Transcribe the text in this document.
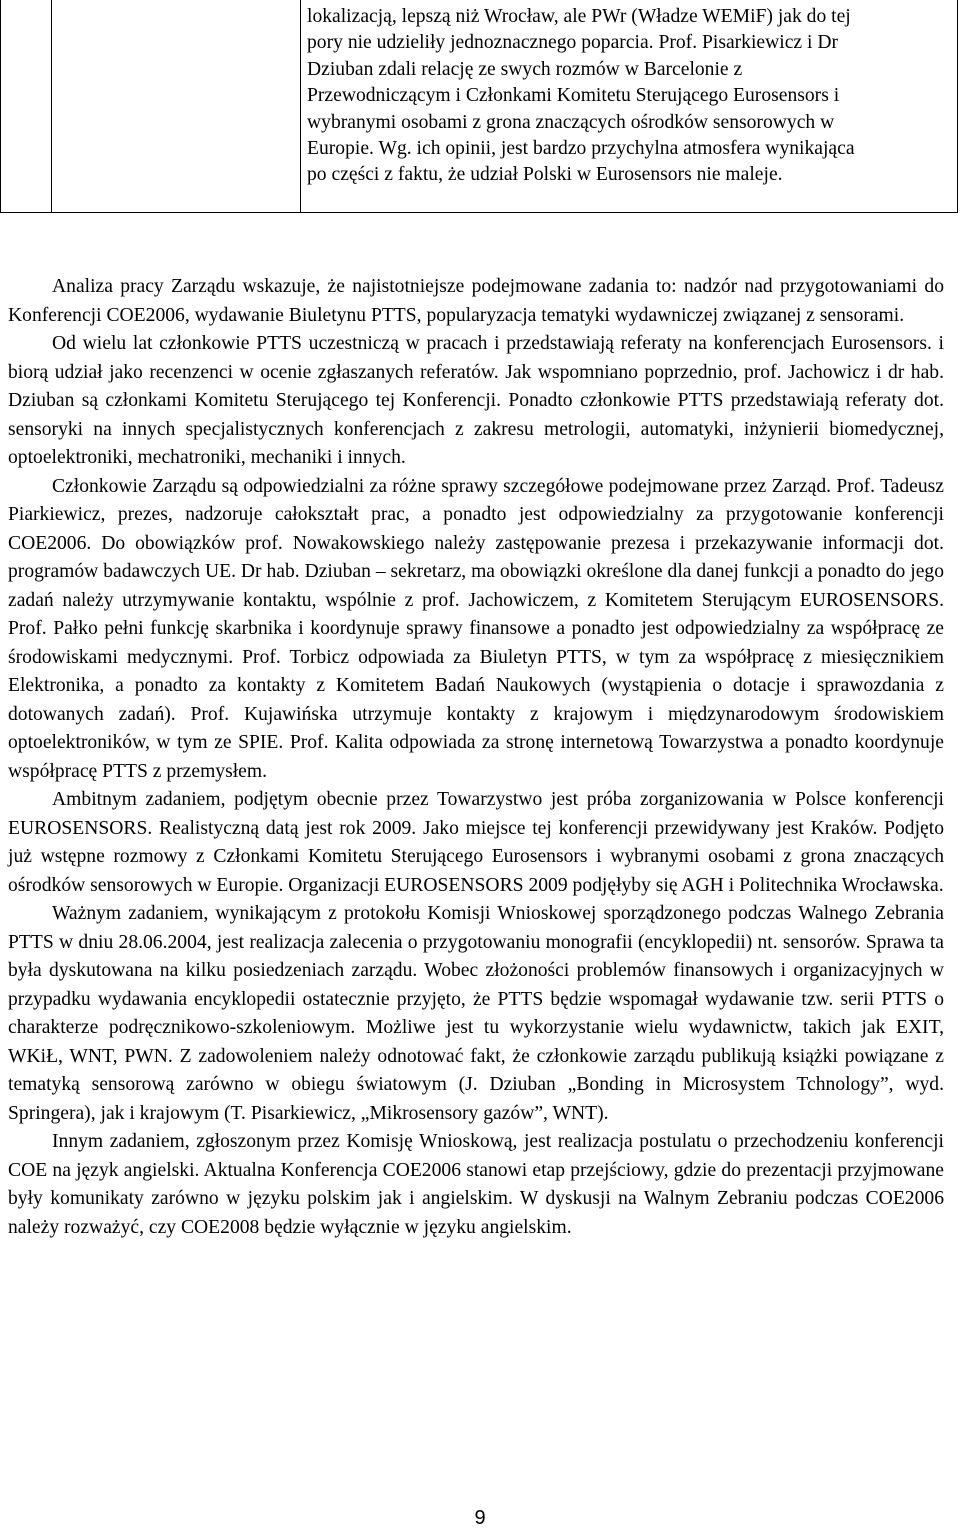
lokalizacją, lepszą niż Wrocław, ale PWr (Władze WEMiF) jak do tej
pory nie udzieliły jednoznacznego poparcia. Prof. Pisarkiewicz i Dr
Dziuban zdali relację ze swych rozmów w Barcelonie z
Przewodniczącym i Członkami Komitetu Sterującego Eurosensors i
wybranymi osobami z grona znaczących ośrodków sensorowych w
Europie. Wg. ich opinii, jest bardzo przychylna atmosfera wynikająca
po części z faktu, że udział Polski w Eurosensors nie maleje.

Analiza pracy Zarządu wskazuje, że najistotniejsze podejmowane zadania to: nadzór nad przygotowaniami do Konferencji COE2006, wydawanie Biuletynu PTTS, popularyzacja tematyki wydawniczej związanej z sensorami.

Od wielu lat członkowie PTTS uczestniczą w pracach i przedstawiają referaty na konferencjach Eurosensors. i biorą udział jako recenzenci w ocenie zgłaszanych referatów. Jak wspomniano poprzednio, prof. Jachowicz i dr hab. Dziuban są członkami Komitetu Sterującego tej Konferencji. Ponadto członkowie PTTS przedstawiają referaty dot. sensoryki na innych specjalistycznych konferencjach z zakresu metrologii, automatyki, inżynierii biomedycznej, optoelektroniki, mechatroniki, mechaniki i innych.

Członkowie Zarządu są odpowiedzialni za różne sprawy szczegółowe podejmowane przez Zarząd. Prof. Tadeusz Piarkiewicz, prezes, nadzoruje całokształt prac, a ponadto jest odpowiedzialny za przygotowanie konferencji COE2006. Do obowiązków prof. Nowakowskiego należy zastępowanie prezesa i przekazywanie informacji dot. programów badawczych UE. Dr hab. Dziuban – sekretarz, ma obowiązki określone dla danej funkcji a ponadto do jego zadań należy utrzymywanie kontaktu, wspólnie z prof. Jachowiczem, z Komitetem Sterującym EUROSENSORS. Prof. Pałko pełni funkcję skarbnika i koordynuje sprawy finansowe a ponadto jest odpowiedzialny za współpracę ze środowiskami medycznymi. Prof. Torbicz odpowiada za Biuletyn PTTS, w tym za współpracę z miesięcznikiem Elektronika, a ponadto za kontakty z Komitetem Badań Naukowych (wystąpienia o dotacje i sprawozdania z dotowanych zadań). Prof. Kujawińska utrzymuje kontakty z krajowym i międzynarodowym środowiskiem optoelektroników, w tym ze SPIE. Prof. Kalita odpowiada za stronę internetową Towarzystwa a ponadto koordynuje współpracę PTTS z przemysłem.

Ambitnym zadaniem, podjętym obecnie przez Towarzystwo jest próba zorganizowania w Polsce konferencji EUROSENSORS. Realistyczną datą jest rok 2009. Jako miejsce tej konferencji przewidywany jest Kraków. Podjęto już wstępne rozmowy z Członkami Komitetu Sterującego Eurosensors i wybranymi osobami z grona znaczących ośrodków sensorowych w Europie. Organizacji EUROSENSORS 2009 podjęłyby się AGH i Politechnika Wrocławska.

Ważnym zadaniem, wynikającym z protokołu Komisji Wnioskowej sporządzonego podczas Walnego Zebrania PTTS w dniu 28.06.2004, jest realizacja zalecenia o przygotowaniu monografii (encyklopedii) nt. sensorów. Sprawa ta była dyskutowana na kilku posiedzeniach zarządu. Wobec złożoności problemów finansowych i organizacyjnych w przypadku wydawania encyklopedii ostatecznie przyjęto, że PTTS będzie wspomagał wydawanie tzw. serii PTTS o charakterze podręcznikowo-szkoleniowym. Możliwe jest tu wykorzystanie wielu wydawnictw, takich jak EXIT, WKiŁ, WNT, PWN. Z zadowoleniem należy odnotować fakt, że członkowie zarządu publikują książki powiązane z tematyką sensorową zarówno w obiegu światowym (J. Dziuban „Bonding in Microsystem Tchnology”, wyd. Springera), jak i krajowym (T. Pisarkiewicz, „Mikrosensory gazów”, WNT).

Innym zadaniem, zgłoszonym przez Komisję Wnioskową, jest realizacja postulatu o przechodzeniu konferencji COE na język angielski. Aktualna Konferencja COE2006 stanowi etap przejściowy, gdzie do prezentacji przyjmowane były komunikaty zarówno w języku polskim jak i angielskim. W dyskusji na Walnym Zebraniu podczas COE2006 należy rozważyć, czy COE2008 będzie wyłącznie w języku angielskim.

9
